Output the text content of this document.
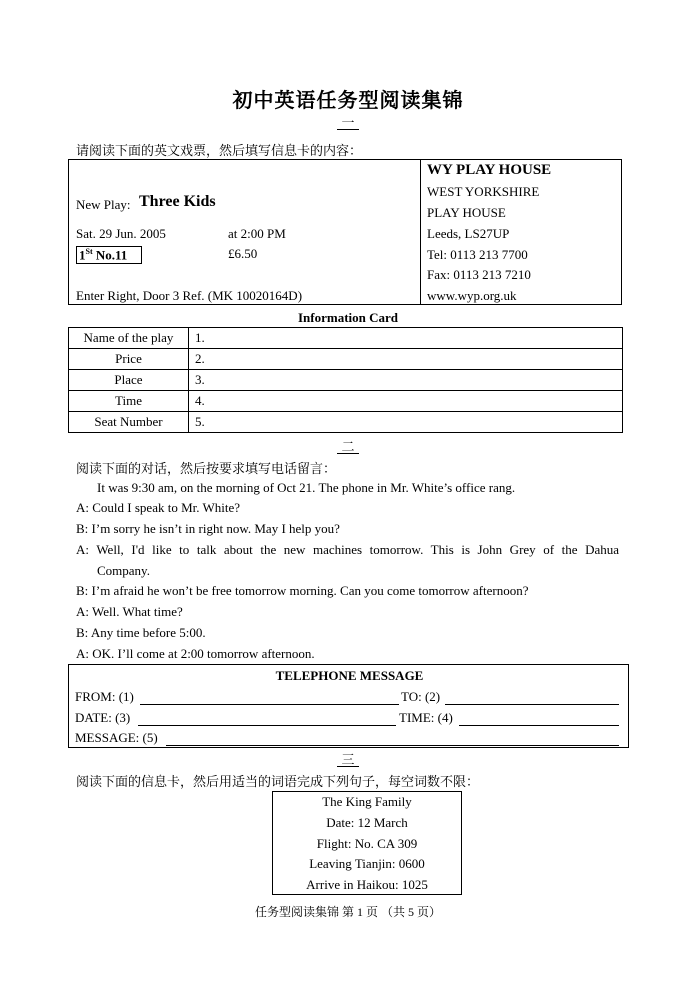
初中英语任务型阅读集锦
一
请阅读下面的英文戏票，然后填写信息卡的内容：
New Play: Three Kids
Sat. 29 Jun. 2005	at 2:00 PM
1St No.11	£6.50
Enter Right, Door 3 Ref. (MK 10020164D)
WY PLAY HOUSE
WEST YORKSHIRE
PLAY HOUSE
Leeds, LS27UP
Tel: 0113 213 7700
Fax: 0113 213 7210
www.wyp.org.uk
Information Card
Name of the play	1.
Price	2.
Place	3.
Time	4.
Seat Number	5.
二
阅读下面的对话，然后按要求填写电话留言：
It was 9:30 am, on the morning of Oct 21. The phone in Mr. White’s office rang.
A: Could I speak to Mr. White?
B: I’m sorry he isn’t in right now. May I help you?
A: Well, I'd like to talk about the new machines tomorrow. This is John Grey of the Dahua
Company.
B: I’m afraid he won’t be free tomorrow morning. Can you come tomorrow afternoon?
A: Well. What time?
B: Any time before 5:00.
A: OK. I’ll come at 2:00 tomorrow afternoon.
TELEPHONE MESSAGE
FROM: (1)	TO: (2)
DATE: (3)	TIME: (4)
MESSAGE: (5)
三
阅读下面的信息卡，然后用适当的词语完成下列句子，每空词数不限：
The King Family
Date: 12 March
Flight: No. CA 309
Leaving Tianjin: 0600
Arrive in Haikou: 1025
任务型阅读集锦 第 1 页 （共 5 页）
